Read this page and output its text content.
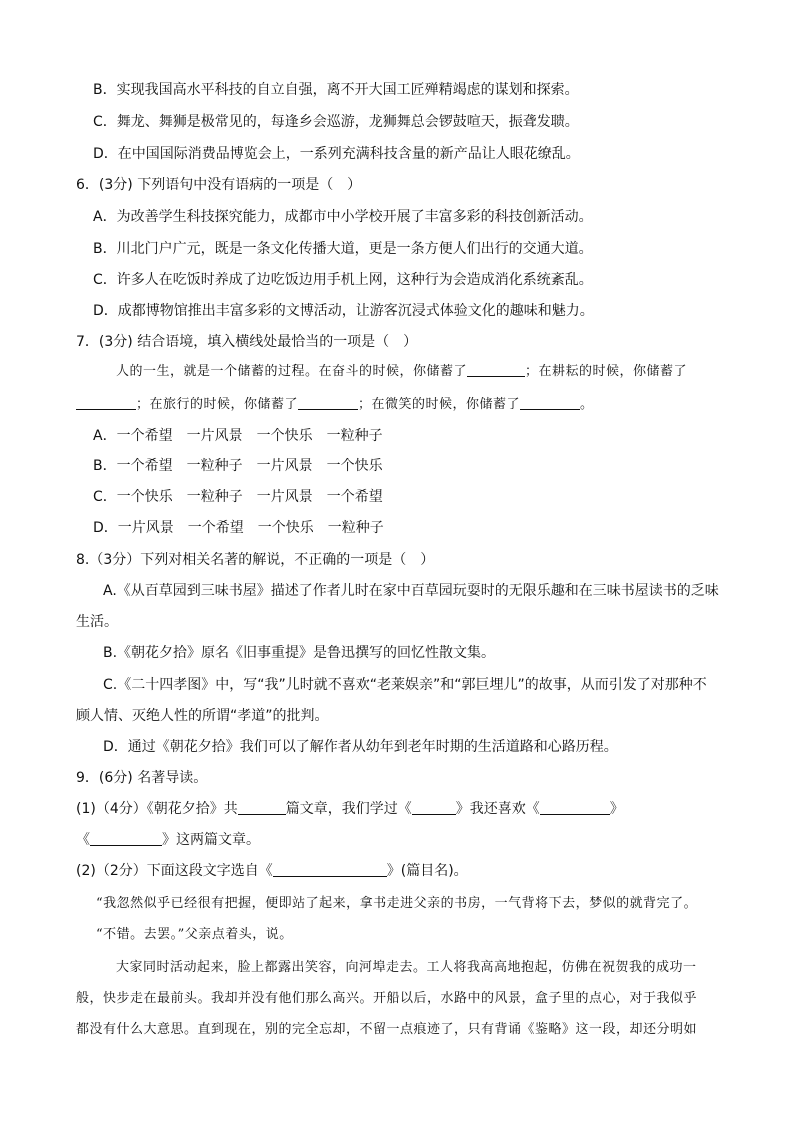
B．实现我国高水平科技的自立自强，离不开大国工匠殚精竭虑的谋划和探索。
C．舞龙、舞狮是极常见的，每逢乡会巡游，龙狮舞总会锣鼓喧天，振聋发聩。
D．在中国国际消费品博览会上，一系列充满科技含量的新产品让人眼花缭乱。
6．(3分) 下列语句中没有语病的一项是（　）
A．为改善学生科技探究能力，成都市中小学校开展了丰富多彩的科技创新活动。
B．川北门户广元，既是一条文化传播大道，更是一条方便人们出行的交通大道。
C．许多人在吃饭时养成了边吃饭边用手机上网，这种行为会造成消化系统紊乱。
D．成都博物馆推出丰富多彩的文博活动，让游客沉浸式体验文化的趣味和魅力。
7．(3分) 结合语境，填入横线处最恰当的一项是（　）
人的一生，就是一个储蓄的过程。在奋斗的时候，你储蓄了	；在耕耘的时候，你储蓄了
；在旅行的时候，你储蓄了	；在微笑的时候，你储蓄了	。
A．一个希望　一片风景　一个快乐　一粒种子
B．一个希望　一粒种子　一片风景　一个快乐
C．一个快乐　一粒种子　一片风景　一个希望
D．一片风景　一个希望　一个快乐　一粒种子
8.（3分）下列对相关名著的解说，不正确的一项是（　）
A.《从百草园到三味书屋》描述了作者儿时在家中百草园玩耍时的无限乐趣和在三味书屋读书的乏味
生活。
B.《朝花夕拾》原名《旧事重提》是鲁迅撰写的回忆性散文集。
C.《二十四孝图》中，写“我”儿时就不喜欢“老莱娱亲”和“郭巨埋儿”的故事，从而引发了对那种不
顾人情、灭绝人性的所谓“孝道”的批判。
D．通过《朝花夕拾》我们可以了解作者从幼年到老年时期的生活道路和心路历程。
9．(6分) 名著导读。
(1)（4分）《朝花夕拾》共	篇文章，我们学过《	》我还喜欢《	》
《	》这两篇文章。
(2)（2分）下面这段文字选自《	》(篇目名)。
“我忽然似乎已经很有把握，便即站了起来，拿书走进父亲的书房，一气背将下去，梦似的就背完了。
“不错。去罢。”父亲点着头，说。
大家同时活动起来，脸上都露出笑容，向河埠走去。工人将我高高地抱起，仿佛在祝贺我的成功一
般，快步走在最前头。我却并没有他们那么高兴。开船以后，水路中的风景，盒子里的点心，对于我似乎
都没有什么大意思。直到现在，别的完全忘却，不留一点痕迹了，只有背诵《鉴略》这一段，却还分明如
